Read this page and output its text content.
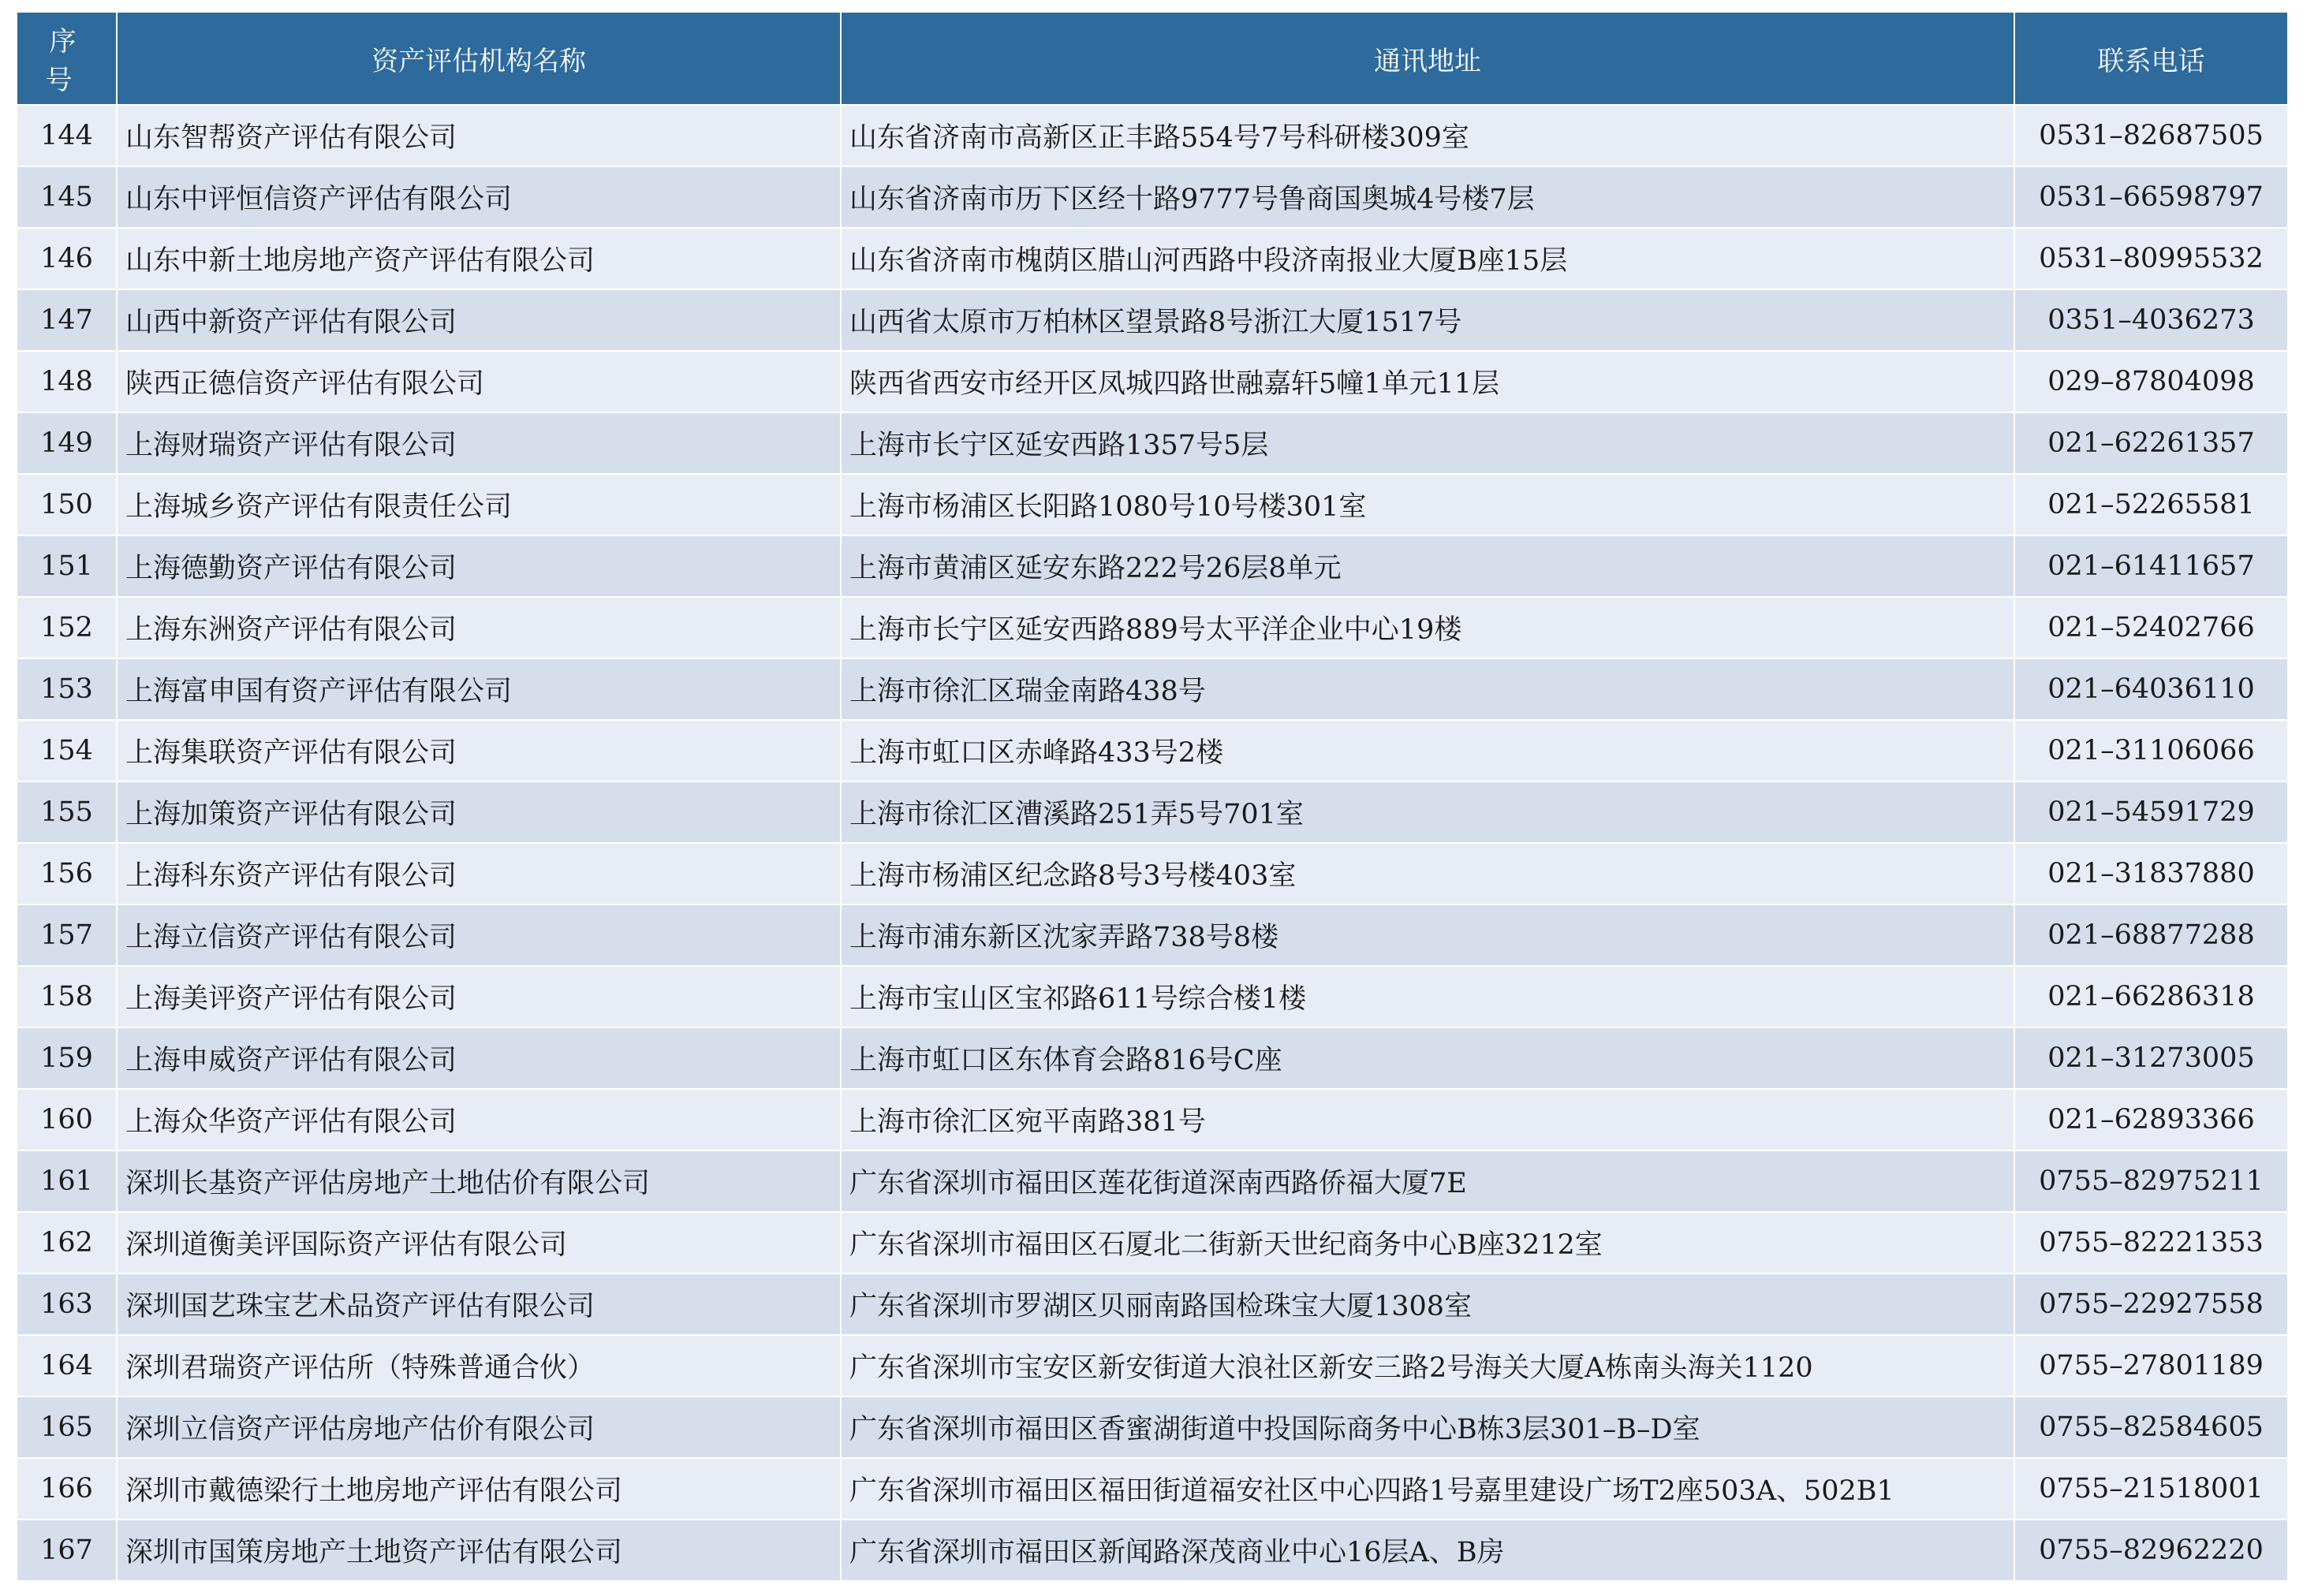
序 号	资产评估机构名称	通讯地址	联系电话
144	山东智帮资产评估有限公司	山东省济南市高新区正丰路554号7号科研楼309室	0531–82687505
145	山东中评恒信资产评估有限公司	山东省济南市历下区经十路9777号鲁商国奥城4号楼7层	0531–66598797
146	山东中新土地房地产资产评估有限公司	山东省济南市槐荫区腊山河西路中段济南报业大厦B座15层	0531–80995532
147	山西中新资产评估有限公司	山西省太原市万柏林区望景路8号浙江大厦1517号	0351–4036273
148	陕西正德信资产评估有限公司	陕西省西安市经开区凤城四路世融嘉轩5幢1单元11层	029–87804098
149	上海财瑞资产评估有限公司	上海市长宁区延安西路1357号5层	021–62261357
150	上海城乡资产评估有限责任公司	上海市杨浦区长阳路1080号10号楼301室	021–52265581
151	上海德勤资产评估有限公司	上海市黄浦区延安东路222号26层8单元	021–61411657
152	上海东洲资产评估有限公司	上海市长宁区延安西路889号太平洋企业中心19楼	021–52402766
153	上海富申国有资产评估有限公司	上海市徐汇区瑞金南路438号	021–64036110
154	上海集联资产评估有限公司	上海市虹口区赤峰路433号2楼	021–31106066
155	上海加策资产评估有限公司	上海市徐汇区漕溪路251弄5号701室	021–54591729
156	上海科东资产评估有限公司	上海市杨浦区纪念路8号3号楼403室	021–31837880
157	上海立信资产评估有限公司	上海市浦东新区沈家弄路738号8楼	021–68877288
158	上海美评资产评估有限公司	上海市宝山区宝祁路611号综合楼1楼	021–66286318
159	上海申威资产评估有限公司	上海市虹口区东体育会路816号C座	021–31273005
160	上海众华资产评估有限公司	上海市徐汇区宛平南路381号	021–62893366
161	深圳长基资产评估房地产土地估价有限公司	广东省深圳市福田区莲花街道深南西路侨福大厦7E	0755–82975211
162	深圳道衡美评国际资产评估有限公司	广东省深圳市福田区石厦北二街新天世纪商务中心B座3212室	0755–82221353
163	深圳国艺珠宝艺术品资产评估有限公司	广东省深圳市罗湖区贝丽南路国检珠宝大厦1308室	0755–22927558
164	深圳君瑞资产评估所（特殊普通合伙）	广东省深圳市宝安区新安街道大浪社区新安三路2号海关大厦A栋南头海关1120	0755–27801189
165	深圳立信资产评估房地产估价有限公司	广东省深圳市福田区香蜜湖街道中投国际商务中心B栋3层301–B–D室	0755–82584605
166	深圳市戴德梁行土地房地产评估有限公司	广东省深圳市福田区福田街道福安社区中心四路1号嘉里建设广场T2座503A、502B1	0755–21518001
167	深圳市国策房地产土地资产评估有限公司	广东省深圳市福田区新闻路深茂商业中心16层A、B房	0755–82962220
